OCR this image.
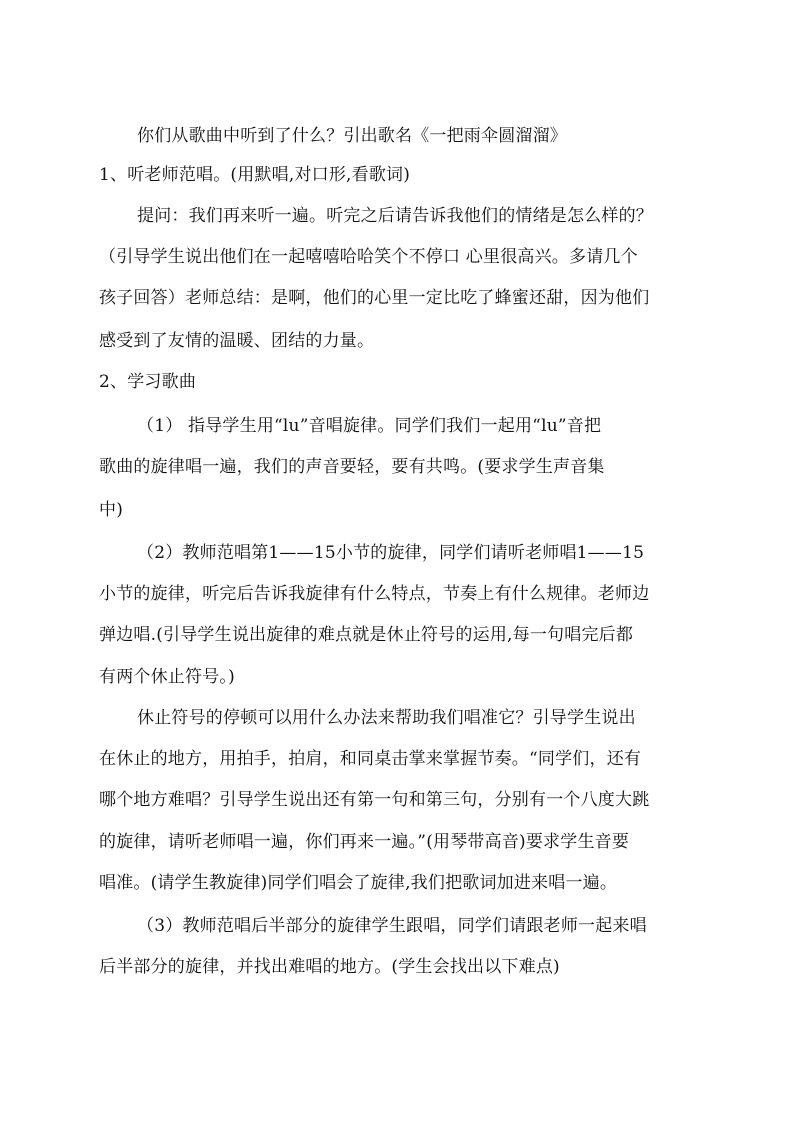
你们从歌曲中听到了什么？引出歌名《一把雨伞圆溜溜》
1、听老师范唱。(用默唱,对口形,看歌词)
提问：我们再来听一遍。听完之后请告诉我他们的情绪是怎么样的？
（引导学生说出他们在一起嘻嘻哈哈笑个不停口 心里很高兴。多请几个
孩子回答）老师总结：是啊，他们的心里一定比吃了蜂蜜还甜，因为他们
感受到了友情的温暖、团结的力量。
2、学习歌曲
（1） 指导学生用“lu”音唱旋律。同学们我们一起用“lu”音把
歌曲的旋律唱一遍，我们的声音要轻，要有共鸣。(要求学生声音集
中)
（2）教师范唱第1——15小节的旋律，同学们请听老师唱1——15
小节的旋律，听完后告诉我旋律有什么特点，节奏上有什么规律。老师边
弹边唱.(引导学生说出旋律的难点就是休止符号的运用,每一句唱完后都
有两个休止符号。)
休止符号的停顿可以用什么办法来帮助我们唱准它？引导学生说出
在休止的地方，用拍手，拍肩，和同桌击掌来掌握节奏。“同学们，还有
哪个地方难唱？引导学生说出还有第一句和第三句，分别有一个八度大跳
的旋律，请听老师唱一遍，你们再来一遍。”(用琴带高音)要求学生音要
唱准。(请学生教旋律)同学们唱会了旋律,我们把歌词加进来唱一遍。
（3）教师范唱后半部分的旋律学生跟唱，同学们请跟老师一起来唱
后半部分的旋律，并找出难唱的地方。(学生会找出以下难点)
